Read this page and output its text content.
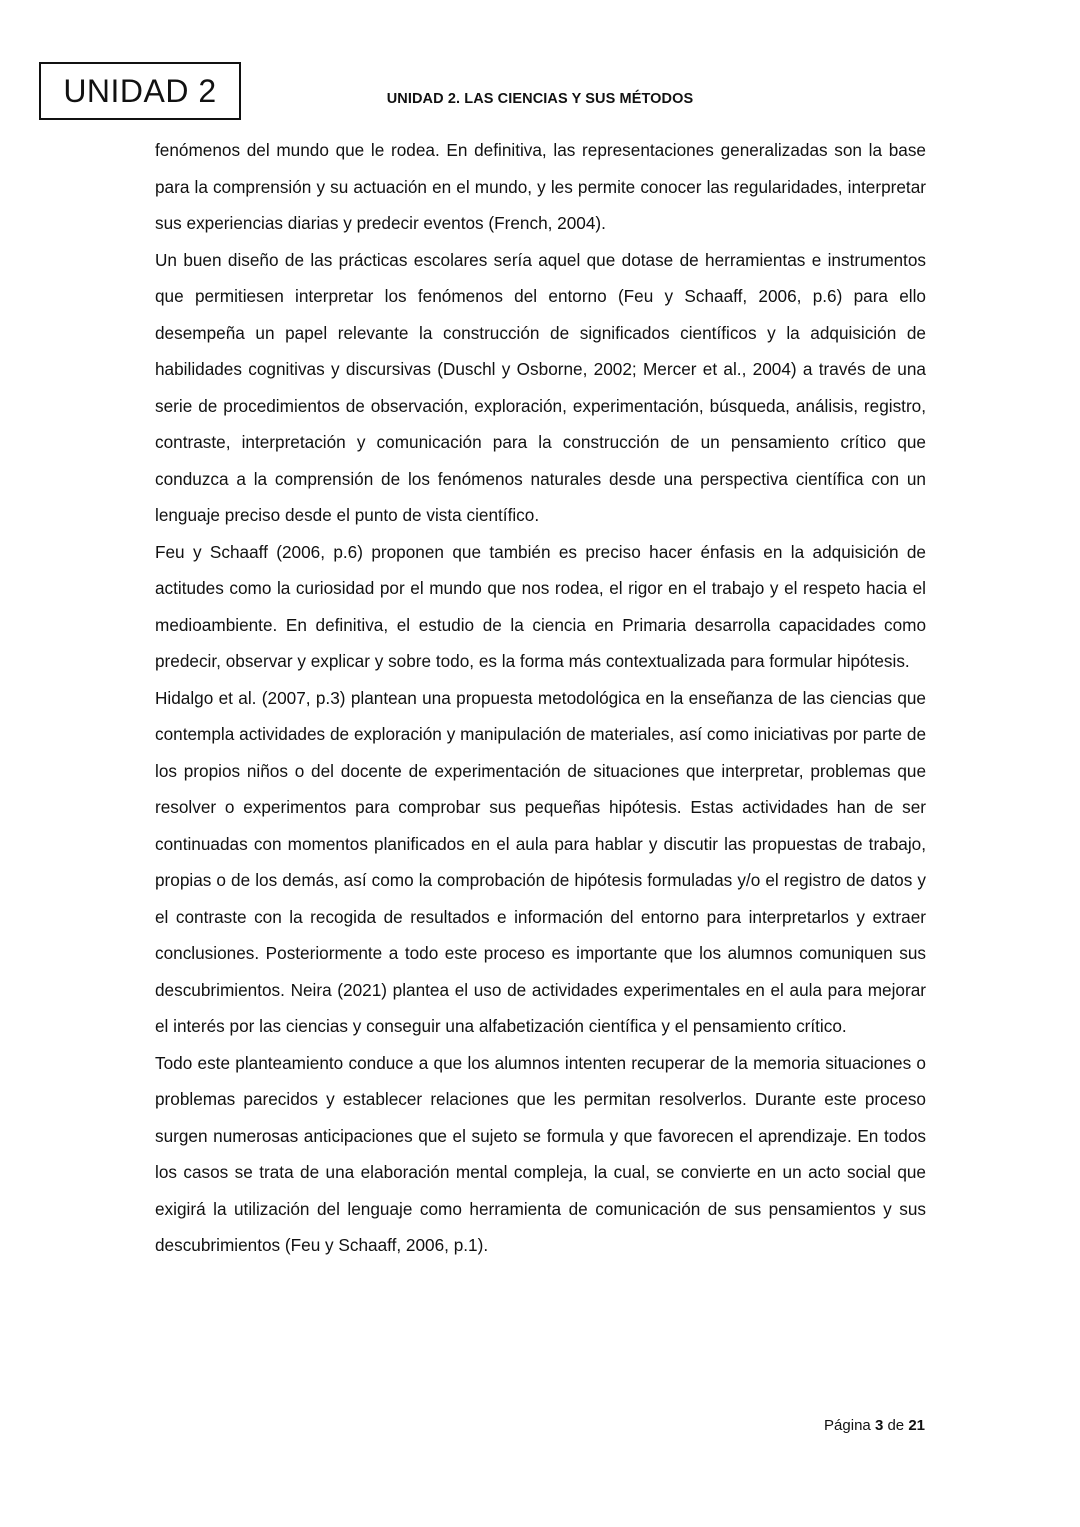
UNIDAD 2	UNIDAD 2. LAS CIENCIAS Y SUS MÉTODOS

fenómenos del mundo que le rodea. En definitiva, las representaciones generalizadas son la base para la comprensión y su actuación en el mundo, y les permite conocer las regularidades, interpretar sus experiencias diarias y predecir eventos (French, 2004).

Un buen diseño de las prácticas escolares sería aquel que dotase de herramientas e instrumentos que permitiesen interpretar los fenómenos del entorno (Feu y Schaaff, 2006, p.6) para ello desempeña un papel relevante la construcción de significados científicos y la adquisición de habilidades cognitivas y discursivas (Duschl y Osborne, 2002; Mercer et al., 2004) a través de una serie de procedimientos de observación, exploración, experimentación, búsqueda, análisis, registro, contraste, interpretación y comunicación para la construcción de un pensamiento crítico que conduzca a la comprensión de los fenómenos naturales desde una perspectiva científica con un lenguaje preciso desde el punto de vista científico.

Feu y Schaaff (2006, p.6) proponen que también es preciso hacer énfasis en la adquisición de actitudes como la curiosidad por el mundo que nos rodea, el rigor en el trabajo y el respeto hacia el medioambiente. En definitiva, el estudio de la ciencia en Primaria desarrolla capacidades como predecir, observar y explicar y sobre todo, es la forma más contextualizada para formular hipótesis.

Hidalgo et al. (2007, p.3) plantean una propuesta metodológica en la enseñanza de las ciencias que contempla actividades de exploración y manipulación de materiales, así como iniciativas por parte de los propios niños o del docente de experimentación de situaciones que interpretar, problemas que resolver o experimentos para comprobar sus pequeñas hipótesis. Estas actividades han de ser continuadas con momentos planificados en el aula para hablar y discutir las propuestas de trabajo, propias o de los demás, así como la comprobación de hipótesis formuladas y/o el registro de datos y el contraste con la recogida de resultados e información del entorno para interpretarlos y extraer conclusiones. Posteriormente a todo este proceso es importante que los alumnos comuniquen sus descubrimientos. Neira (2021) plantea el uso de actividades experimentales en el aula para mejorar el interés por las ciencias y conseguir una alfabetización científica y el pensamiento crítico.

Todo este planteamiento conduce a que los alumnos intenten recuperar de la memoria situaciones o problemas parecidos y establecer relaciones que les permitan resolverlos. Durante este proceso surgen numerosas anticipaciones que el sujeto se formula y que favorecen el aprendizaje. En todos los casos se trata de una elaboración mental compleja, la cual, se convierte en un acto social que exigirá la utilización del lenguaje como herramienta de comunicación de sus pensamientos y sus descubrimientos (Feu y Schaaff, 2006, p.1).

Página 3 de 21
